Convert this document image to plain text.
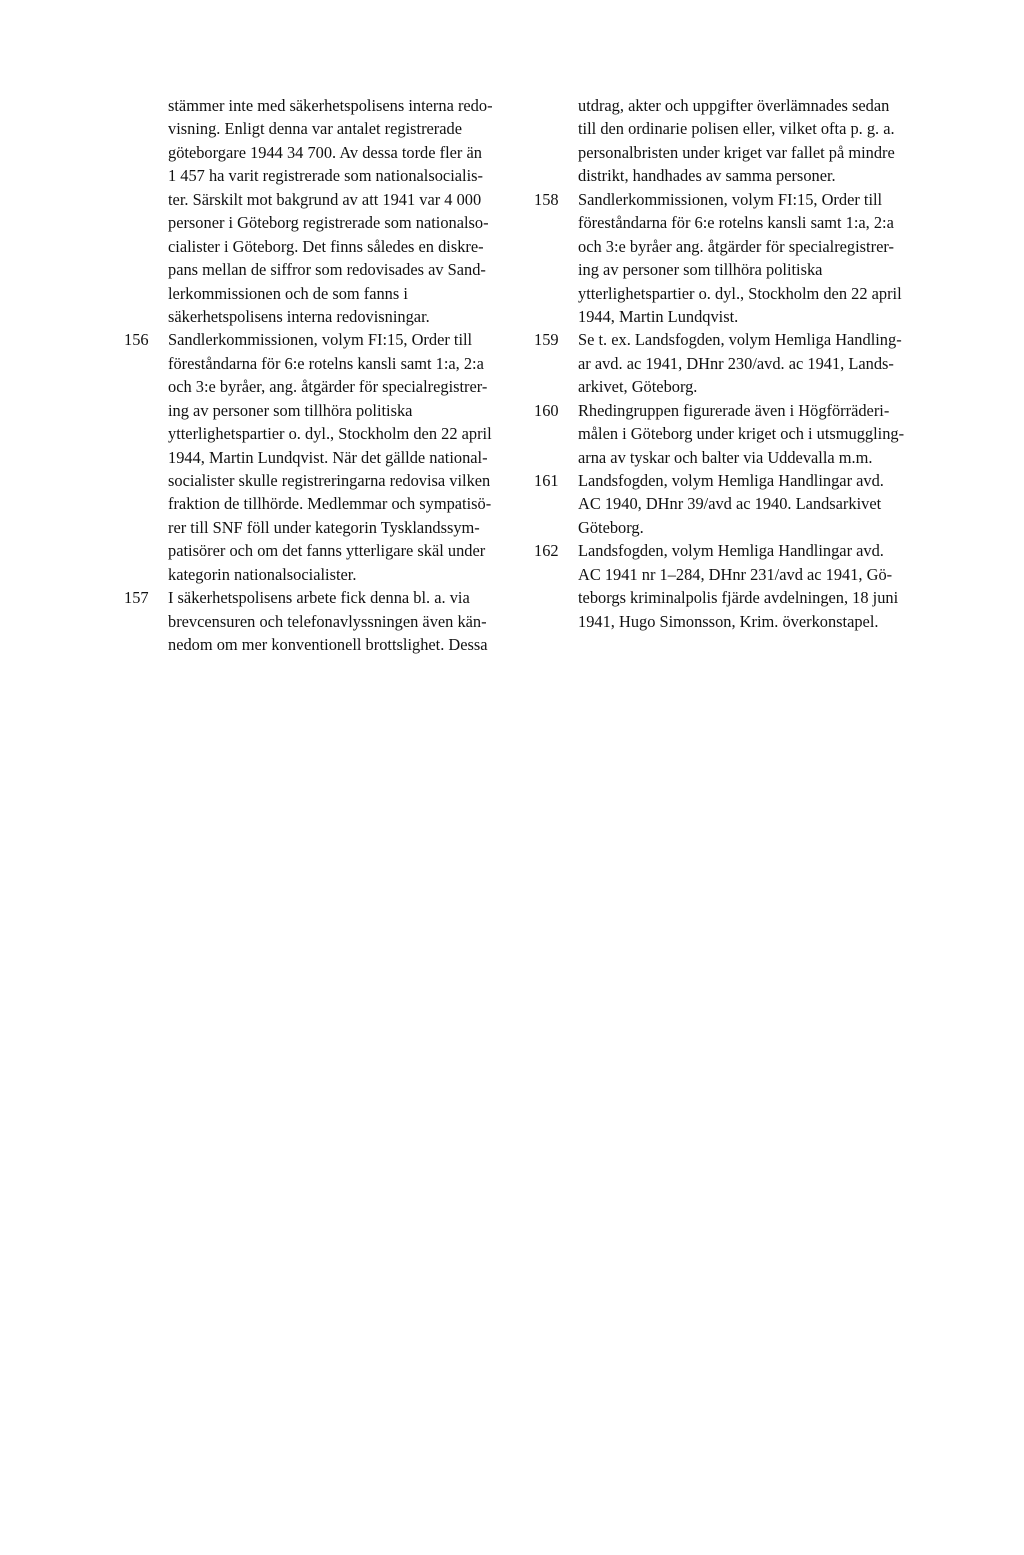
stämmer inte med säkerhetspolisens interna redo-
visning. Enligt denna var antalet registrerade
göteborgare 1944 34 700. Av dessa torde fler än
1 457 ha varit registrerade som nationalsocialis-
ter. Särskilt mot bakgrund av att 1941 var 4 000
personer i Göteborg registrerade som nationalso-
cialister i Göteborg. Det finns således en diskre-
pans mellan de siffror som redovisades av Sand-
lerkommissionen och de som fanns i
säkerhetspolisens interna redovisningar.
156	Sandlerkommissionen, volym FI:15, Order till
föreståndarna för 6:e rotelns kansli samt 1:a, 2:a
och 3:e byråer, ang. åtgärder för specialregistrer-
ing av personer som tillhöra politiska
ytterlighetspartier o. dyl., Stockholm den 22 april
1944, Martin Lundqvist. När det gällde national-
socialister skulle registreringarna redovisa vilken
fraktion de tillhörde. Medlemmar och sympatisö-
rer till SNF föll under kategorin Tysklandssym-
patisörer och om det fanns ytterligare skäl under
kategorin nationalsocialister.
157	I säkerhetspolisens arbete fick denna bl. a. via
brevcensuren och telefonavlyssningen även kän-
nedom om mer konventionell brottslighet. Dessa
utdrag, akter och uppgifter överlämnades sedan
till den ordinarie polisen eller, vilket ofta p. g. a.
personalbristen under kriget var fallet på mindre
distrikt, handhades av samma personer.
158	Sandlerkommissionen, volym FI:15, Order till
föreståndarna för 6:e rotelns kansli samt 1:a, 2:a
och 3:e byråer ang. åtgärder för specialregistrer-
ing av personer som tillhöra politiska
ytterlighetspartier o. dyl., Stockholm den 22 april
1944, Martin Lundqvist.
159	Se t. ex. Landsfogden, volym Hemliga Handling-
ar avd. ac 1941, DHnr 230/avd. ac 1941, Lands-
arkivet, Göteborg.
160	Rhedingruppen figurerade även i Högförräderi-
målen i Göteborg under kriget och i utsmuggling-
arna av tyskar och balter via Uddevalla m.m.
161	Landsfogden, volym Hemliga Handlingar avd.
AC 1940, DHnr 39/avd ac 1940. Landsarkivet
Göteborg.
162	Landsfogden, volym Hemliga Handlingar avd.
AC 1941 nr 1–284, DHnr 231/avd ac 1941, Gö-
teborgs kriminalpolis fjärde avdelningen, 18 juni
1941, Hugo Simonsson, Krim. överkonstapel.
